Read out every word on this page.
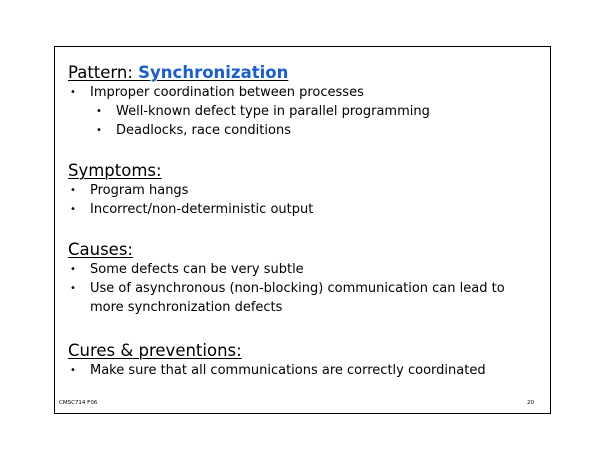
Pattern: Synchronization
• Improper coordination between processes
• Well-known defect type in parallel programming
• Deadlocks, race conditions
Symptoms:
• Program hangs
• Incorrect/non-deterministic output
Causes:
• Some defects can be very subtle
• Use of asynchronous (non-blocking) communication can lead to more synchronization defects
Cures & preventions:
• Make sure that all communications are correctly coordinated
CMSC714 F06	20
